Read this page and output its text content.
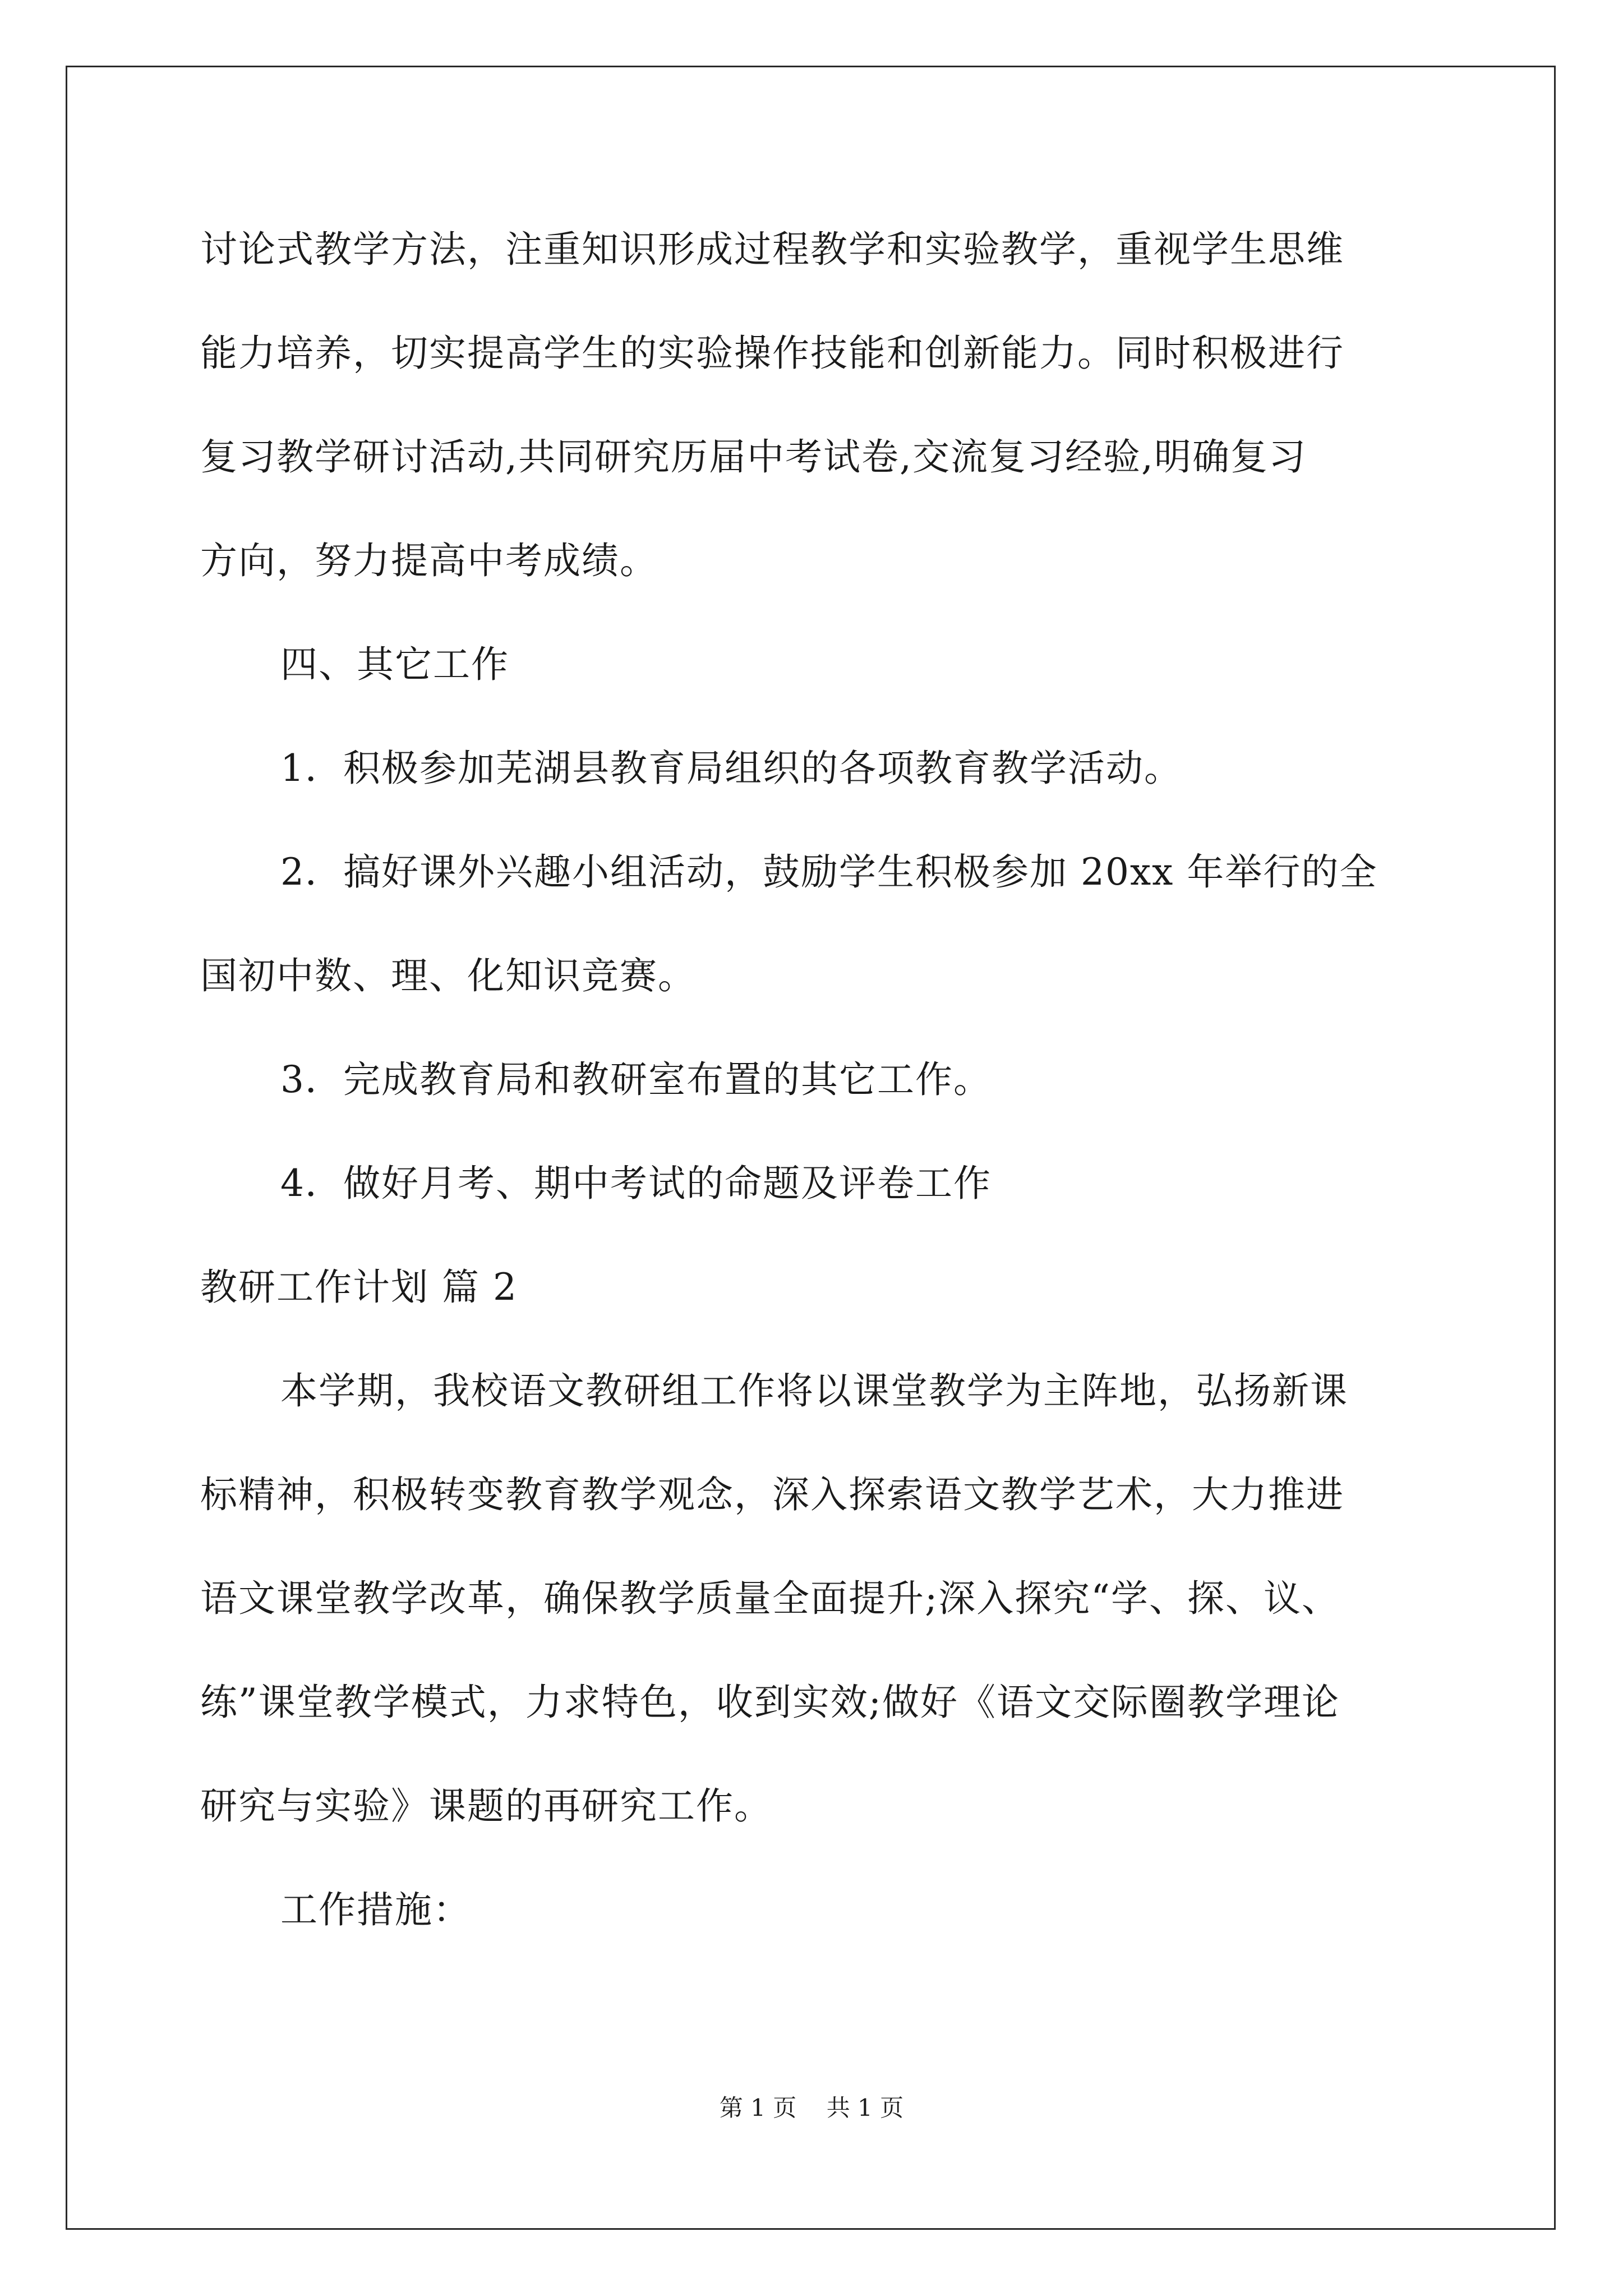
讨论式教学方法，注重知识形成过程教学和实验教学，重视学生思维

能力培养，切实提高学生的实验操作技能和创新能力。同时积极进行

复习教学研讨活动,共同研究历届中考试卷,交流复习经验,明确复习

方向，努力提高中考成绩。

四、其它工作

1．积极参加芜湖县教育局组织的各项教育教学活动。

2．搞好课外兴趣小组活动，鼓励学生积极参加 20xx 年举行的全

国初中数、理、化知识竞赛。

3．完成教育局和教研室布置的其它工作。

4．做好月考、期中考试的命题及评卷工作

教研工作计划 篇 2

本学期，我校语文教研组工作将以课堂教学为主阵地，弘扬新课

标精神，积极转变教育教学观念，深入探索语文教学艺术，大力推进

语文课堂教学改革，确保教学质量全面提升;深入探究“学、探、议、

练”课堂教学模式，力求特色，收到实效;做好《语文交际圈教学理论

研究与实验》课题的再研究工作。

工作措施：

第 1 页    共 1 页
